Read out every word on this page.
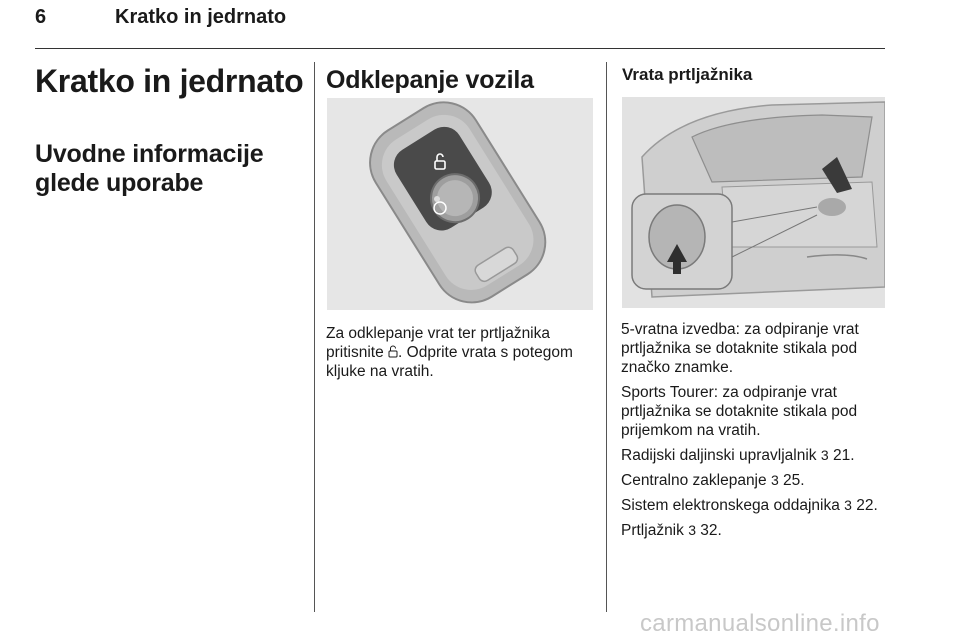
6	Kratko in jedrnato
Kratko in jedrnato
Uvodne informacije glede uporabe
Odklepanje vozila

Za odklepanje vrat ter prtljažnika pritisnite . Odprite vrata s potegom kljuke na vratih.

Vrata prtljažnika

5-vratna izvedba: za odpiranje vrat prtljažnika se dotaknite stikala pod značko znamke.

Sports Tourer: za odpiranje vrat prtljažnika se dotaknite stikala pod prijemkom na vratih.

Radijski daljinski upravljalnik 3 21.

Centralno zaklepanje 3 25.

Sistem elektronskega oddajnika 3 22.

Prtljažnik 3 32.

carmanualsonline.info
